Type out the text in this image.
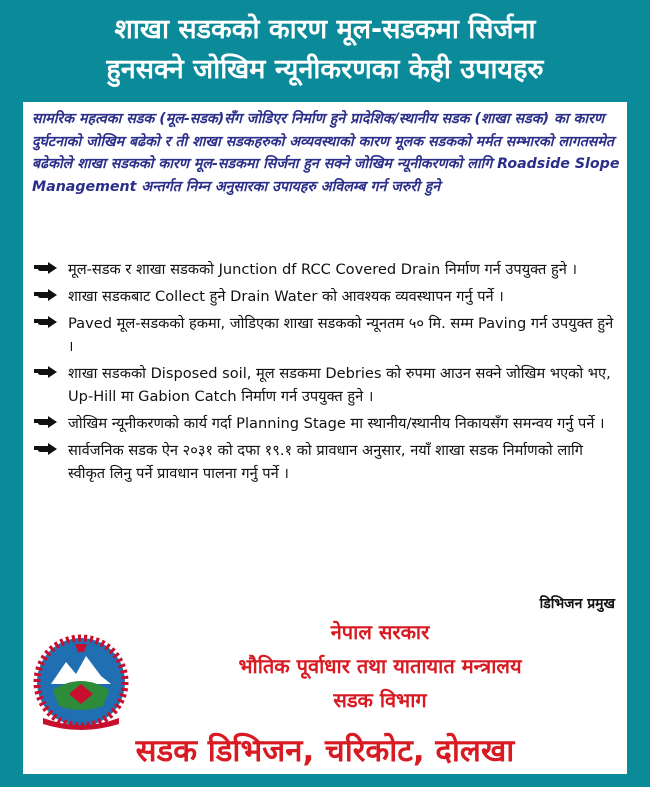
शाखा सडकको कारण मूल-सडकमा सिर्जना
हुनसक्ने जोखिम न्यूनीकरणका केही उपायहरु
सामरिक महत्वका सडक (मूल-सडक)सँग जोडिएर निर्माण हुने प्रादेशिक/स्थानीय सडक (शाखा सडक) का कारण दुर्घटनाको जोखिम बढेको र ती शाखा सडकहरुको अव्यवस्थाको कारण मूलक सडकको मर्मत सम्भारको लागतसमेत बढेकोले शाखा सडकको कारण मूल-सडकमा सिर्जना हुन सक्ने जोखिम न्यूनीकरणको लागि Roadside Slope Management अन्तर्गत निम्न अनुसारका उपायहरु अविलम्ब गर्न जरुरी हुने
मूल-सडक र शाखा सडकको Junction df RCC Covered Drain निर्माण गर्न उपयुक्त हुने ।
शाखा सडकबाट Collect हुने Drain Water को आवश्यक व्यवस्थापन गर्नु पर्ने ।
Paved मूल-सडकको हकमा, जोडिएका शाखा सडकको न्यूनतम ५० मि. सम्म Paving गर्न उपयुक्त हुने ।
शाखा सडकको Disposed soil, मूल सडकमा Debries को रुपमा आउन सक्ने जोखिम भएको भए, Up-Hill मा Gabion Catch निर्माण गर्न उपयुक्त हुने ।
जोखिम न्यूनीकरणको कार्य गर्दा Planning Stage मा स्थानीय/स्थानीय निकायसँग समन्वय गर्नु पर्ने ।
सार्वजनिक सडक ऐन २०३१ को दफा १९.१ को प्रावधान अनुसार, नयाँ शाखा सडक निर्माणको लागि स्वीकृत लिनु पर्ने प्रावधान पालना गर्नु पर्ने ।
डिभिजन प्रमुख
नेपाल सरकार
भौतिक पूर्वाधार तथा यातायात मन्त्रालय
सडक विभाग
सडक डिभिजन, चरिकोट, दोलखा
